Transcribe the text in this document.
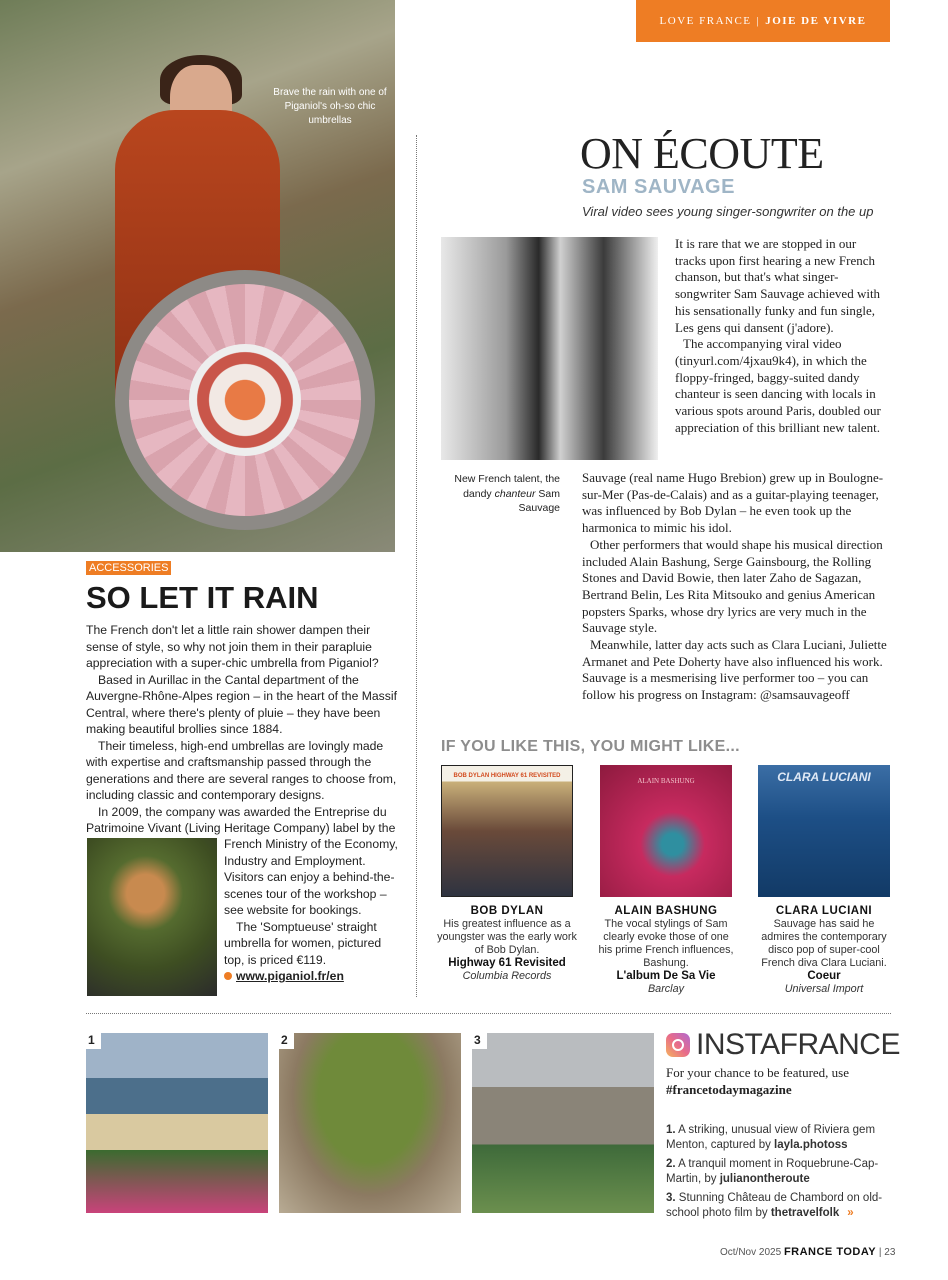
Brave the rain with one of Piganiol's oh-so chic umbrellas
LOVE FRANCE | JOIE DE VIVRE
ON ÉCOUTE
SAM SAUVAGE
Viral video sees young singer-songwriter on the up
New French talent, the dandy chanteur Sam Sauvage

It is rare that we are stopped in our tracks upon first hearing a new French chanson, but that's what singer-songwriter Sam Sauvage achieved with his sensationally funky and fun single, Les gens qui dansent (j'adore).

The accompanying viral video (tinyurl.com/4jxau9k4), in which the floppy-fringed, baggy-suited dandy chanteur is seen dancing with locals in various spots around Paris, doubled our appreciation of this brilliant new talent.

Sauvage (real name Hugo Brebion) grew up in Boulogne-sur-Mer (Pas-de-Calais) and as a guitar-playing teenager, was influenced by Bob Dylan – he even took up the harmonica to mimic his idol.

Other performers that would shape his musical direction included Alain Bashung, Serge Gainsbourg, the Rolling Stones and David Bowie, then later Zaho de Sagazan, Bertrand Belin, Les Rita Mitsouko and genius American popsters Sparks, whose dry lyrics are very much in the Sauvage style.

Meanwhile, latter day acts such as Clara Luciani, Juliette Armanet and Pete Doherty have also influenced his work. Sauvage is a mesmerising live performer too – you can follow his progress on Instagram: @samsauvageoff

ACCESSORIES
SO LET IT RAIN

The French don't let a little rain shower dampen their sense of style, so why not join them in their parapluie appreciation with a super-chic umbrella from Piganiol?

Based in Aurillac in the Cantal department of the Auvergne-Rhône-Alpes region – in the heart of the Massif Central, where there's plenty of pluie – they have been making beautiful brollies since 1884.

Their timeless, high-end umbrellas are lovingly made with expertise and craftsmanship passed through the generations and there are several ranges to choose from, including classic and contemporary designs.

In 2009, the company was awarded the Entreprise du Patrimoine Vivant (Living Heritage Company) label by the

French Ministry of the Economy, Industry and Employment. Visitors can enjoy a behind-the-scenes tour of the workshop – see website for bookings.

The 'Somptueuse' straight umbrella for women, pictured top, is priced €119.

www.piganiol.fr/en
IF YOU LIKE THIS, YOU MIGHT LIKE...
BOB DYLAN HIGHWAY 61 REVISITED
BOB DYLAN
His greatest influence as a youngster was the early work of Bob Dylan.
Highway 61 Revisited
Columbia Records
ALAIN BASHUNG
ALAIN BASHUNG
The vocal stylings of Sam clearly evoke those of one his prime French influences, Bashung.
L'album De Sa Vie
Barclay
CLARA LUCIANI
CLARA LUCIANI
Sauvage has said he admires the contemporary disco pop of super-cool French diva Clara Luciani.
Coeur
Universal Import
1	2	3	INSTAFRANCE
For your chance to be featured, use #francetodaymagazine
1. A striking, unusual view of Riviera gem Menton, captured by layla.photoss
2. A tranquil moment in Roquebrune-Cap-Martin, by julianontheroute
3. Stunning Château de Chambord on old-school photo film by thetravelfolk »
Oct/Nov 2025 FRANCE TODAY | 23
